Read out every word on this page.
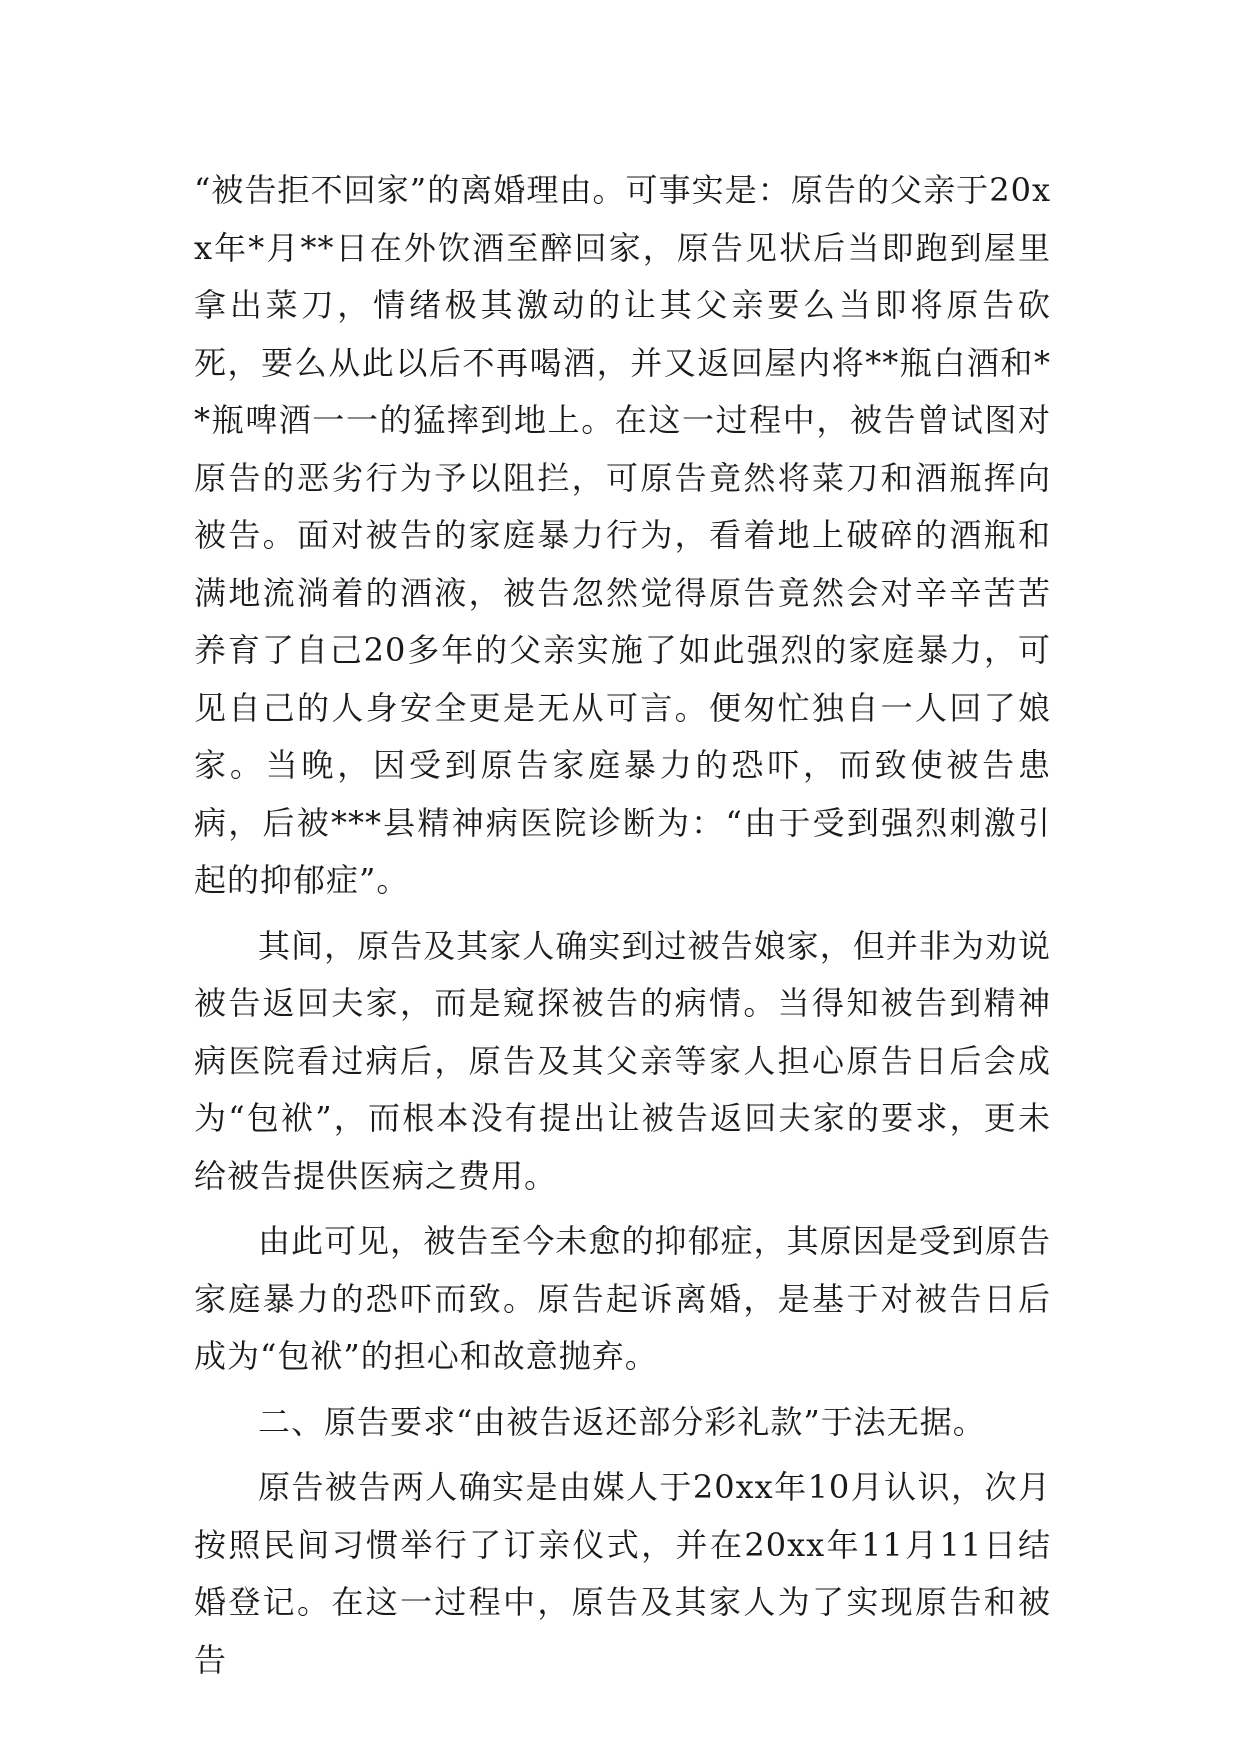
“被告拒不回家”的离婚理由。可事实是：原告的父亲于20xx年*月**日在外饮酒至醉回家，原告见状后当即跑到屋里拿出菜刀，情绪极其激动的让其父亲要么当即将原告砍死，要么从此以后不再喝酒，并又返回屋内将**瓶白酒和**瓶啤酒一一的猛摔到地上。在这一过程中，被告曾试图对原告的恶劣行为予以阻拦，可原告竟然将菜刀和酒瓶挥向被告。面对被告的家庭暴力行为，看着地上破碎的酒瓶和满地流淌着的酒液，被告忽然觉得原告竟然会对辛辛苦苦养育了自己20多年的父亲实施了如此强烈的家庭暴力，可见自己的人身安全更是无从可言。便匆忙独自一人回了娘家。当晚，因受到原告家庭暴力的恐吓，而致使被告患病，后被***县精神病医院诊断为：“由于受到强烈刺激引起的抑郁症”。

其间，原告及其家人确实到过被告娘家，但并非为劝说被告返回夫家，而是窥探被告的病情。当得知被告到精神病医院看过病后，原告及其父亲等家人担心原告日后会成为“包袱”，而根本没有提出让被告返回夫家的要求，更未给被告提供医病之费用。

由此可见，被告至今未愈的抑郁症，其原因是受到原告家庭暴力的恐吓而致。原告起诉离婚，是基于对被告日后成为“包袱”的担心和故意抛弃。

二、原告要求“由被告返还部分彩礼款”于法无据。

原告被告两人确实是由媒人于20xx年10月认识，次月按照民间习惯举行了订亲仪式，并在20xx年11月11日结婚登记。在这一过程中，原告及其家人为了实现原告和被告
